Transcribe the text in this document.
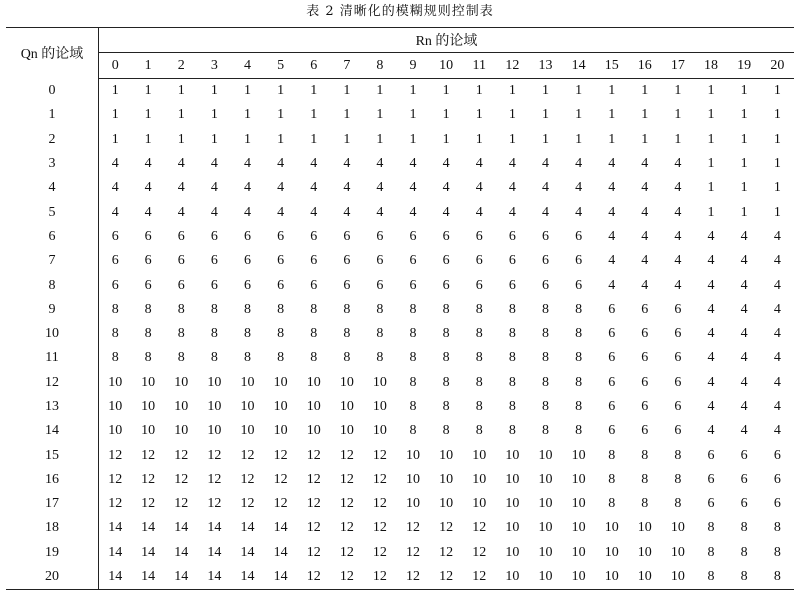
表 2 清晰化的模糊规则控制表
Qn 的论域	Rn 的论域																				
	0	1	2	3	4	5	6	7	8	9	10	11	12	13	14	15	16	17	18	19	20
0	1	1	1	1	1	1	1	1	1	1	1	1	1	1	1	1	1	1	1	1	1
1	1	1	1	1	1	1	1	1	1	1	1	1	1	1	1	1	1	1	1	1	1
2	1	1	1	1	1	1	1	1	1	1	1	1	1	1	1	1	1	1	1	1	1
3	4	4	4	4	4	4	4	4	4	4	4	4	4	4	4	4	4	4	1	1	1
4	4	4	4	4	4	4	4	4	4	4	4	4	4	4	4	4	4	4	1	1	1
5	4	4	4	4	4	4	4	4	4	4	4	4	4	4	4	4	4	4	1	1	1
6	6	6	6	6	6	6	6	6	6	6	6	6	6	6	6	4	4	4	4	4	4
7	6	6	6	6	6	6	6	6	6	6	6	6	6	6	6	4	4	4	4	4	4
8	6	6	6	6	6	6	6	6	6	6	6	6	6	6	6	4	4	4	4	4	4
9	8	8	8	8	8	8	8	8	8	8	8	8	8	8	8	6	6	6	4	4	4
10	8	8	8	8	8	8	8	8	8	8	8	8	8	8	8	6	6	6	4	4	4
11	8	8	8	8	8	8	8	8	8	8	8	8	8	8	8	6	6	6	4	4	4
12	10	10	10	10	10	10	10	10	10	8	8	8	8	8	8	6	6	6	4	4	4
13	10	10	10	10	10	10	10	10	10	8	8	8	8	8	8	6	6	6	4	4	4
14	10	10	10	10	10	10	10	10	10	8	8	8	8	8	8	6	6	6	4	4	4
15	12	12	12	12	12	12	12	12	12	10	10	10	10	10	10	8	8	8	6	6	6
16	12	12	12	12	12	12	12	12	12	10	10	10	10	10	10	8	8	8	6	6	6
17	12	12	12	12	12	12	12	12	12	10	10	10	10	10	10	8	8	8	6	6	6
18	14	14	14	14	14	14	12	12	12	12	12	12	10	10	10	10	10	10	8	8	8
19	14	14	14	14	14	14	12	12	12	12	12	12	10	10	10	10	10	10	8	8	8
20	14	14	14	14	14	14	12	12	12	12	12	12	10	10	10	10	10	10	8	8	8
